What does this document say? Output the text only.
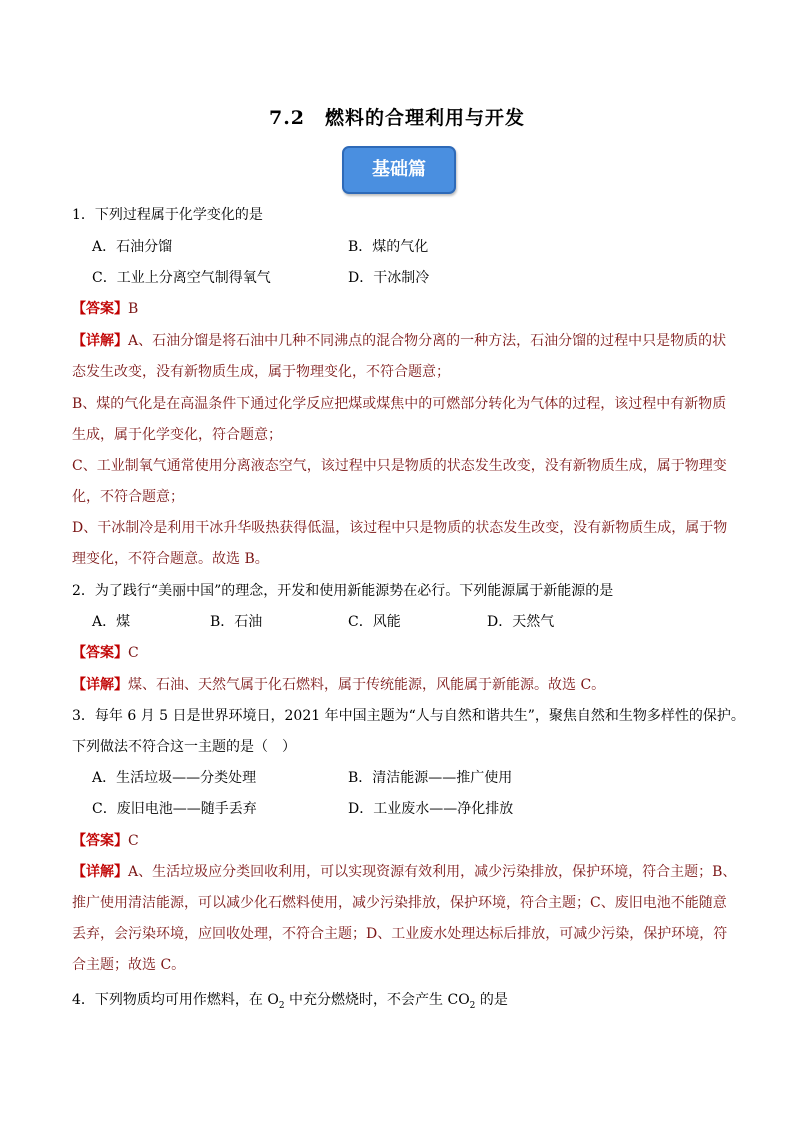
7.2　燃料的合理利用与开发
基础篇
1．下列过程属于化学变化的是
A．石油分馏	B．煤的气化
C．工业上分离空气制得氧气	D．干冰制冷
【答案】B
【详解】A、石油分馏是将石油中几种不同沸点的混合物分离的一种方法，石油分馏的过程中只是物质的状
态发生改变，没有新物质生成，属于物理变化，不符合题意；
B、煤的气化是在高温条件下通过化学反应把煤或煤焦中的可燃部分转化为气体的过程，该过程中有新物质
生成，属于化学变化，符合题意；
C、工业制氧气通常使用分离液态空气，该过程中只是物质的状态发生改变，没有新物质生成，属于物理变
化，不符合题意；
D、干冰制冷是利用干冰升华吸热获得低温，该过程中只是物质的状态发生改变，没有新物质生成，属于物
理变化，不符合题意。故选 B。
2．为了践行“美丽中国”的理念，开发和使用新能源势在必行。下列能源属于新能源的是
A．煤	B．石油	C．风能	D．天然气
【答案】C
【详解】煤、石油、天然气属于化石燃料，属于传统能源，风能属于新能源。故选 C。
3．每年 6 月 5 日是世界环境日，2021 年中国主题为“人与自然和谐共生”，聚焦自然和生物多样性的保护。
下列做法不符合这一主题的是（　）
A．生活垃圾——分类处理	B．清洁能源——推广使用
C．废旧电池——随手丢弃	D．工业废水——净化排放
【答案】C
【详解】A、生活垃圾应分类回收利用，可以实现资源有效利用，减少污染排放，保护环境，符合主题；B、
推广使用清洁能源，可以减少化石燃料使用，减少污染排放，保护环境，符合主题；C、废旧电池不能随意
丢弃，会污染环境，应回收处理，不符合主题；D、工业废水处理达标后排放，可减少污染，保护环境，符
合主题；故选 C。
4．下列物质均可用作燃料，在 $O_2$ 中充分燃烧时，不会产生 $CO_2$ 的是
